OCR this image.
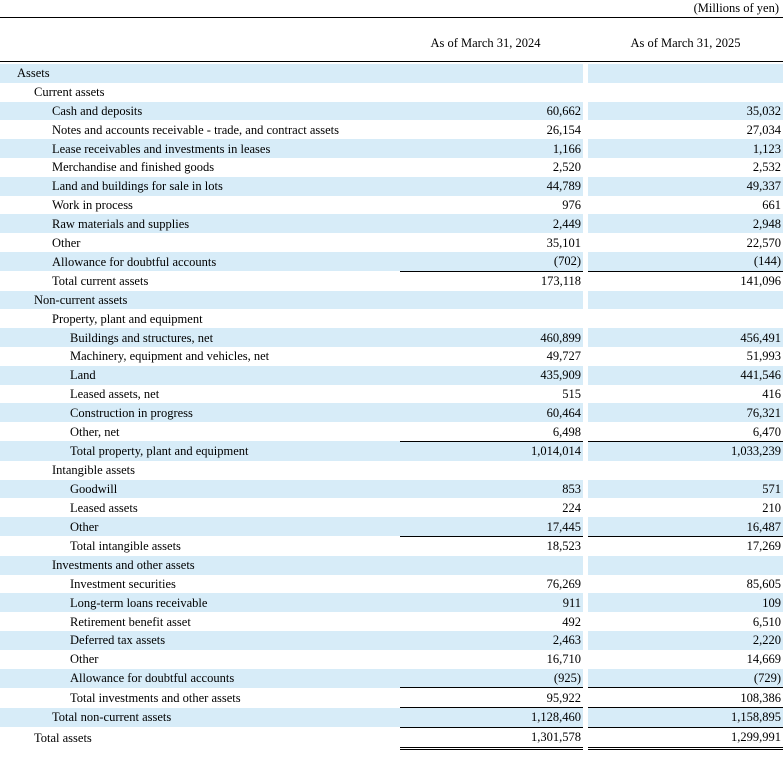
(Millions of yen)
As of March 31, 2024	As of March 31, 2025
Assets			
Current assets			
Cash and deposits	60,662		35,032
Notes and accounts receivable - trade, and contract assets	26,154		27,034
Lease receivables and investments in leases	1,166		1,123
Merchandise and finished goods	2,520		2,532
Land and buildings for sale in lots	44,789		49,337
Work in process	976		661
Raw materials and supplies	2,449		2,948
Other	35,101		22,570
Allowance for doubtful accounts	(702)		(144)
Total current assets	173,118		141,096
Non-current assets			
Property, plant and equipment			
Buildings and structures, net	460,899		456,491
Machinery, equipment and vehicles, net	49,727		51,993
Land	435,909		441,546
Leased assets, net	515		416
Construction in progress	60,464		76,321
Other, net	6,498		6,470
Total property, plant and equipment	1,014,014		1,033,239
Intangible assets			
Goodwill	853		571
Leased assets	224		210
Other	17,445		16,487
Total intangible assets	18,523		17,269
Investments and other assets			
Investment securities	76,269		85,605
Long-term loans receivable	911		109
Retirement benefit asset	492		6,510
Deferred tax assets	2,463		2,220
Other	16,710		14,669
Allowance for doubtful accounts	(925)		(729)
Total investments and other assets	95,922		108,386
Total non-current assets	1,128,460		1,158,895
Total assets	1,301,578		1,299,991
